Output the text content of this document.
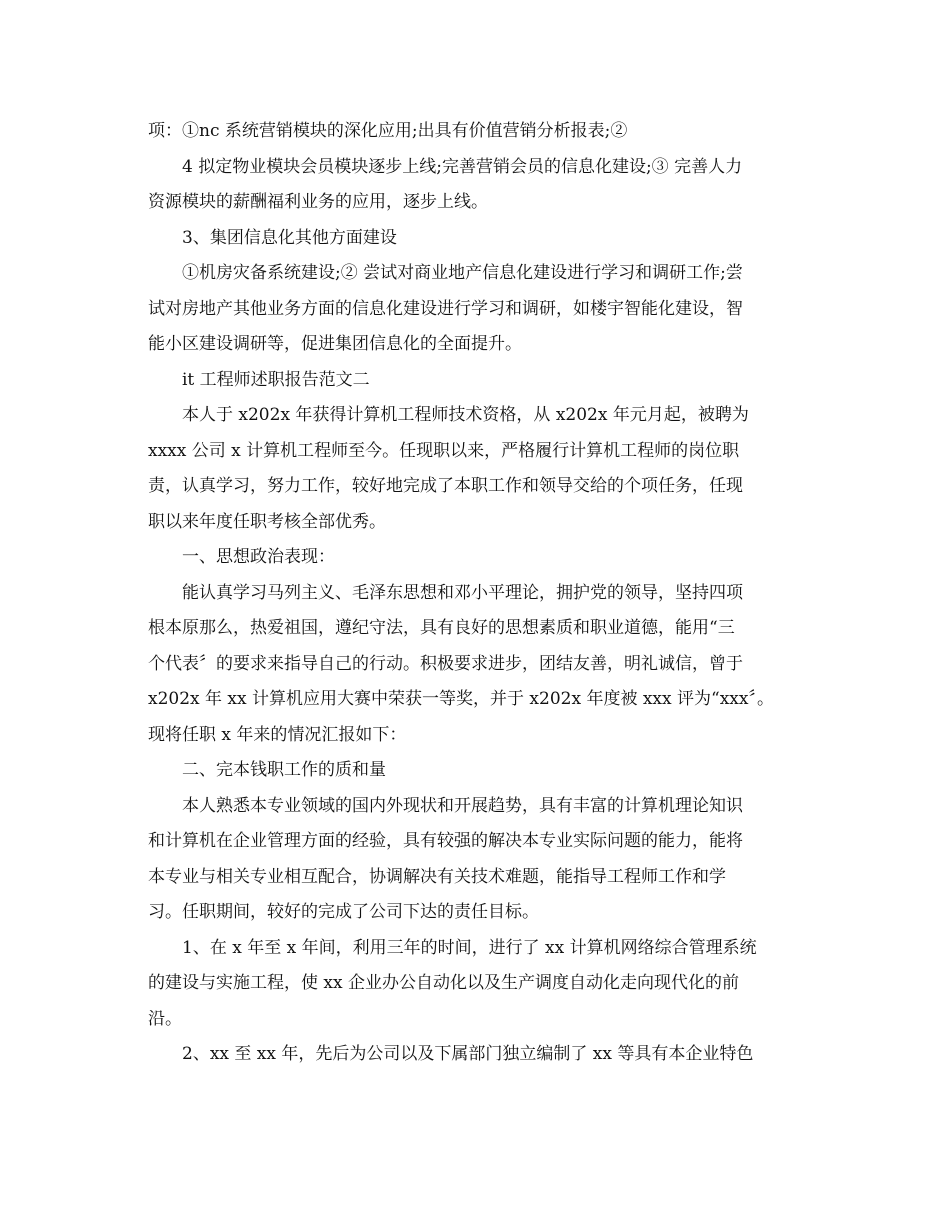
项：①nc 系统营销模块的深化应用;出具有价值营销分析报表;②

4 拟定物业模块会员模块逐步上线;完善营销会员的信息化建设;③ 完善人力
资源模块的薪酬福利业务的应用，逐步上线。

3、集团信息化其他方面建设

①机房灾备系统建设;② 尝试对商业地产信息化建设进行学习和调研工作;尝
试对房地产其他业务方面的信息化建设进行学习和调研，如楼宇智能化建设，智
能小区建设调研等，促进集团信息化的全面提升。

it 工程师述职报告范文二

本人于 x202x 年获得计算机工程师技术资格，从 x202x 年元月起，被聘为
xxxx 公司 x 计算机工程师至今。任现职以来，严格履行计算机工程师的岗位职
责，认真学习，努力工作，较好地完成了本职工作和领导交给的个项任务，任现
职以来年度任职考核全部优秀。

一、思想政治表现：

能认真学习马列主义、毛泽东思想和邓小平理论，拥护党的领导，坚持四项
根本原那么，热爱祖国，遵纪守法，具有良好的思想素质和职业道德，能用“三
个代表〞的要求来指导自己的行动。积极要求进步，团结友善，明礼诚信，曾于
x202x 年 xx 计算机应用大赛中荣获一等奖，并于 x202x 年度被 xxx 评为“xxx〞。
现将任职 x 年来的情况汇报如下：

二、完本钱职工作的质和量

本人熟悉本专业领域的国内外现状和开展趋势，具有丰富的计算机理论知识
和计算机在企业管理方面的经验，具有较强的解决本专业实际问题的能力，能将
本专业与相关专业相互配合，协调解决有关技术难题，能指导工程师工作和学
习。任职期间，较好的完成了公司下达的责任目标。

1、在 x 年至 x 年间，利用三年的时间，进行了 xx 计算机网络综合管理系统
的建设与实施工程，使 xx 企业办公自动化以及生产调度自动化走向现代化的前
沿。

2、xx 至 xx 年，先后为公司以及下属部门独立编制了 xx 等具有本企业特色
